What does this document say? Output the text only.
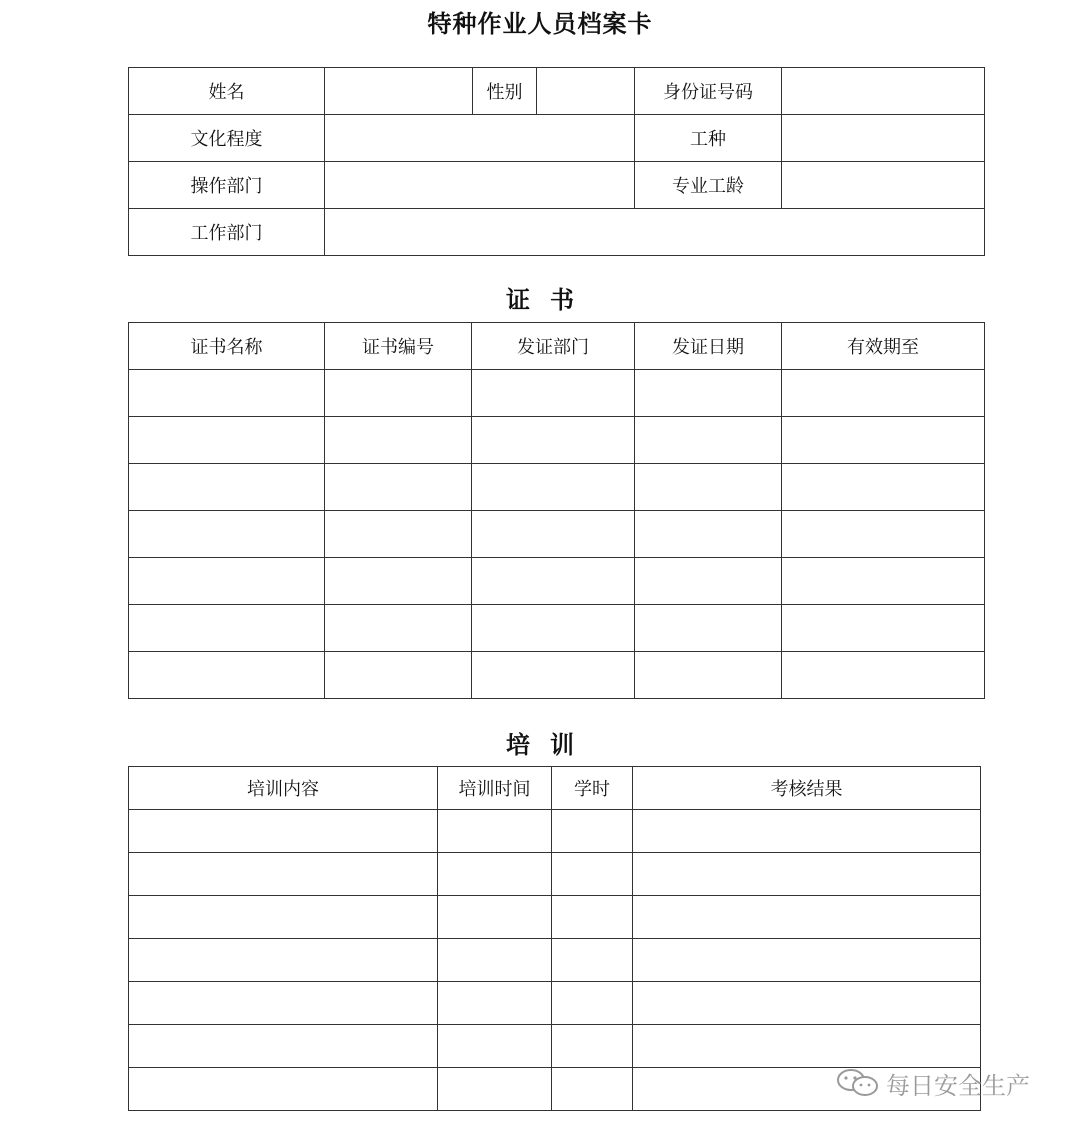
特种作业人员档案卡
姓名		性别		身份证号码	
文化程度				工种	
操作部门				专业工龄	
工作部门					
证 书
证书名称	证书编号	发证部门	发证日期	有效期至

培 训
培训内容	培训时间	学时	考核结果

每日安全生产
